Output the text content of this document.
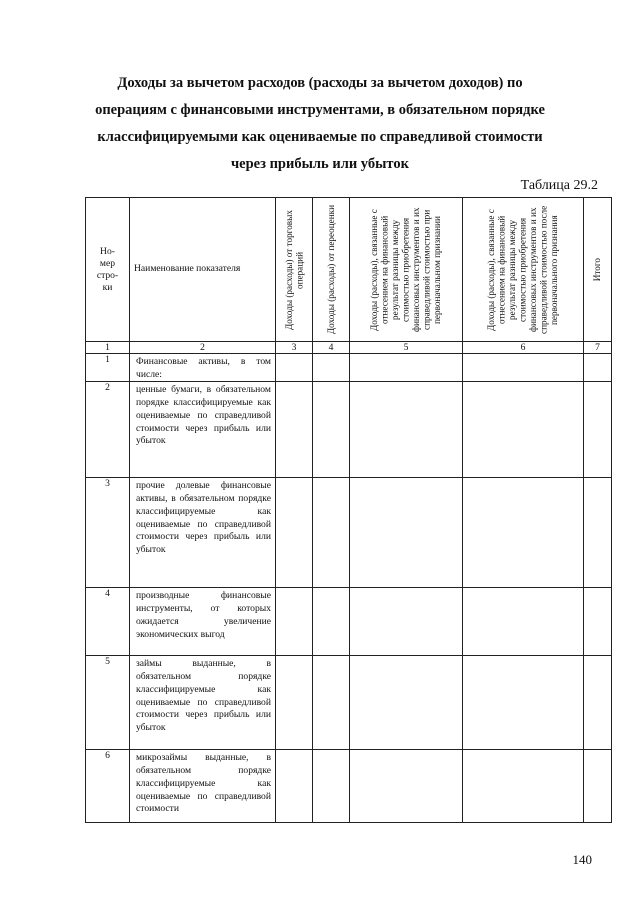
Доходы за вычетом расходов (расходы за вычетом доходов) по
операциям с финансовыми инструментами, в обязательном порядке
классифицируемыми как оцениваемые по справедливой стоимости
через прибыль или убыток
Таблица 29.2
Но-
мер
стро-
ки	Наименование показателя	Доходы (расходы) от торговых операций	Доходы (расходы) от переоценки	Доходы (расходы), связанные с отнесением на финансовый результат разницы между стоимостью приобретения финансовых инструментов и их справедливой стоимостью при первоначальном признании	Доходы (расходы), связанные с отнесением на финансовый результат разницы между стоимостью приобретения финансовых инструментов и их справедливой стоимостью после первоначального признания	Итого

1	2	3	4	5	6	7
1	Финансовые активы, в том числе:					
2	ценные бумаги, в обязательном порядке классифицируемые как оцениваемые по справедливой стоимости через прибыль или убыток					
3	прочие долевые финансовые активы, в обязательном порядке классифицируемые как оцениваемые по справедливой стоимости через прибыль или убыток					
4	производные финансовые инструменты, от которых ожидается увеличение экономических выгод					
5	займы выданные, в обязательном порядке классифицируемые как оцениваемые по справедливой стоимости через прибыль или убыток					
6	микрозаймы выданные, в обязательном порядке классифицируемые как оцениваемые по справедливой стоимости					
140
